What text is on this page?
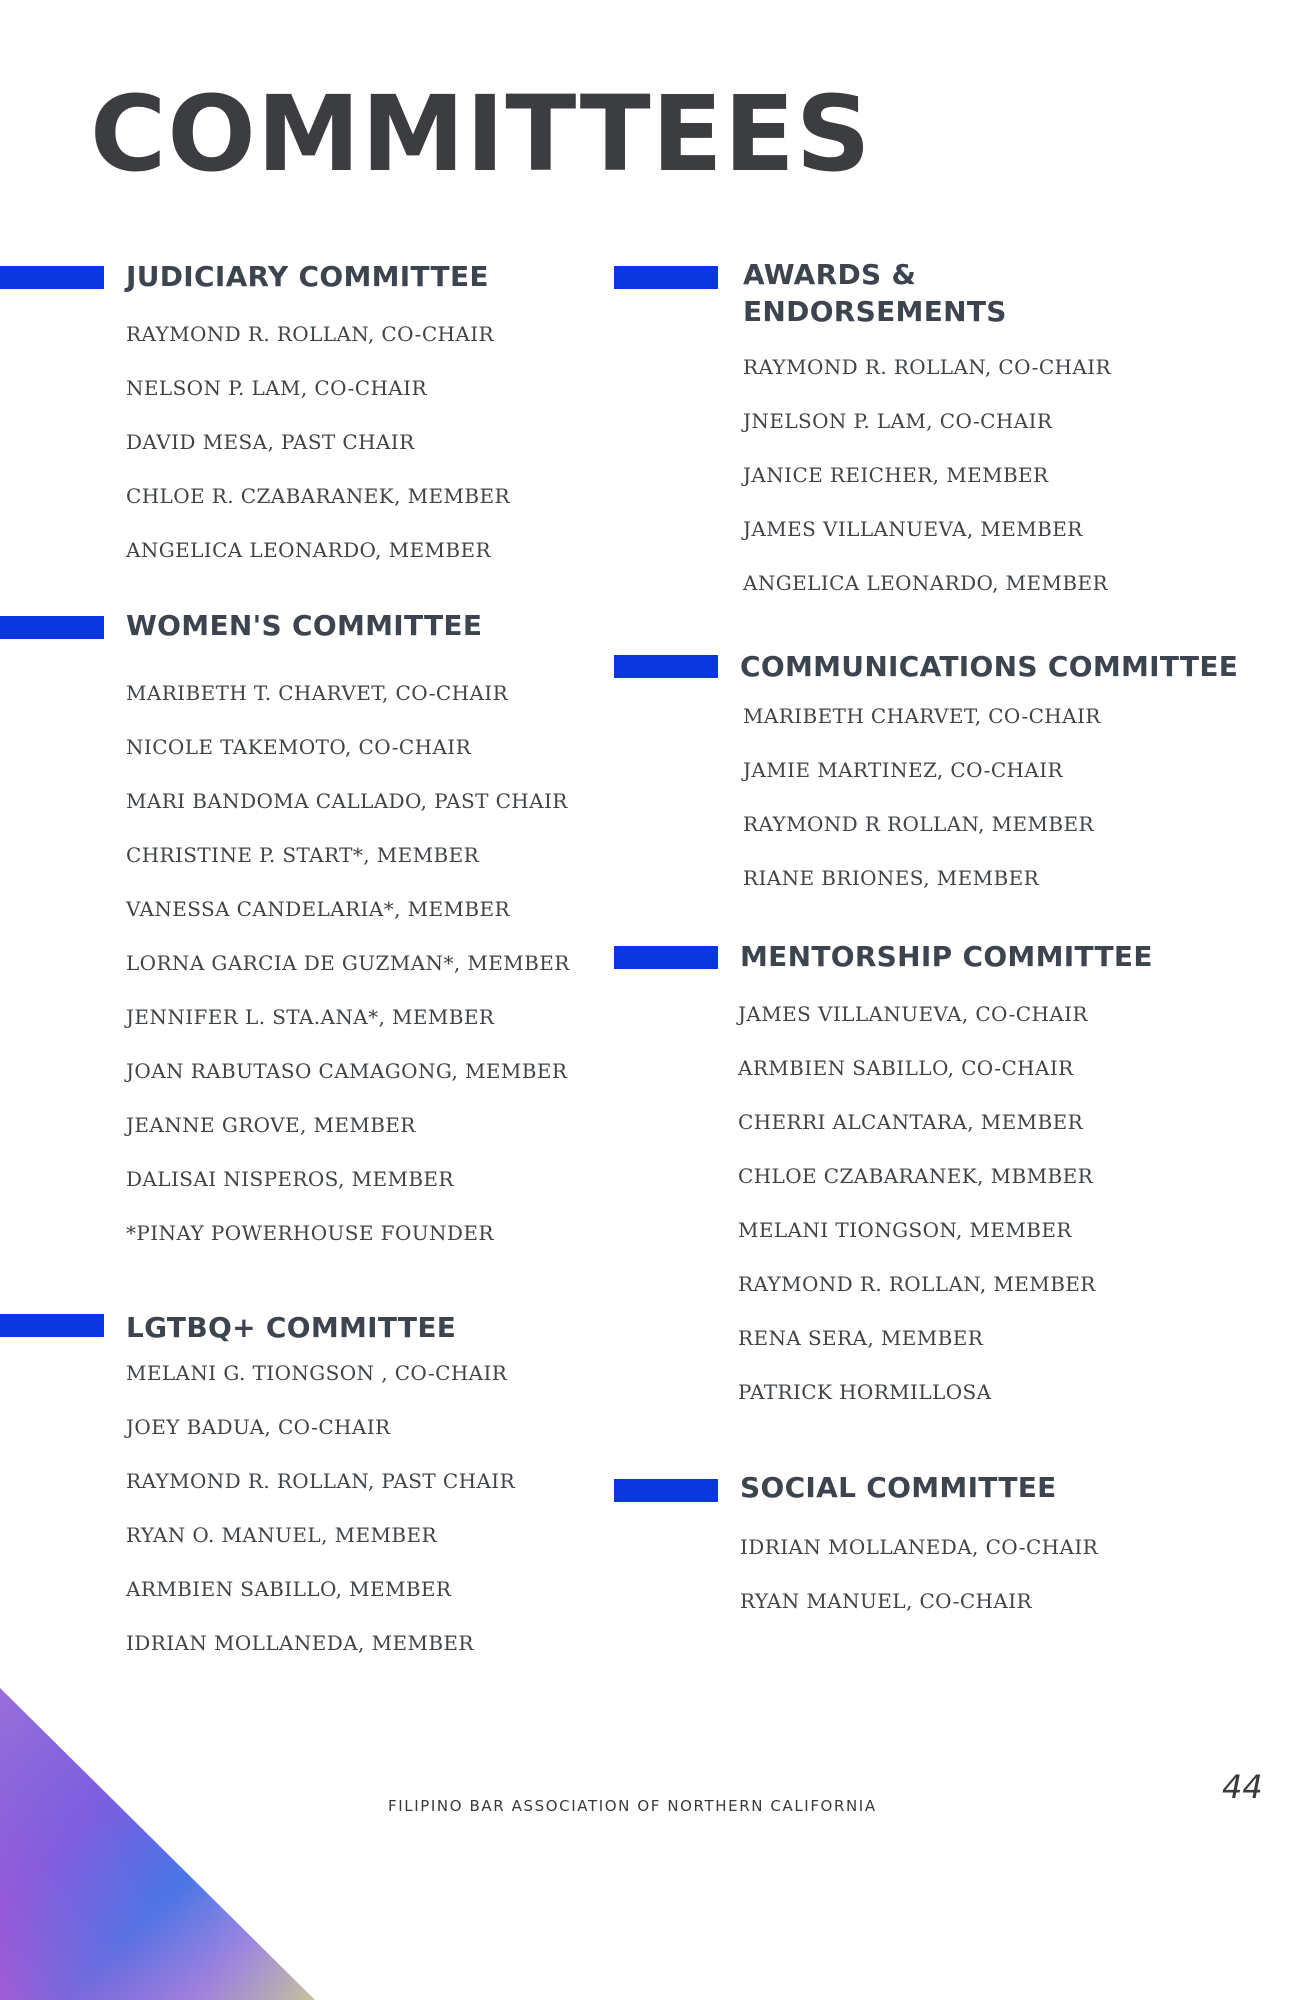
COMMITTEES
JUDICIARY COMMITTEE
RAYMOND R. ROLLAN, CO-CHAIR
NELSON P. LAM, CO-CHAIR
DAVID MESA, PAST CHAIR
CHLOE R. CZABARANEK, MEMBER
ANGELICA LEONARDO, MEMBER
WOMEN'S COMMITTEE
MARIBETH T. CHARVET, CO-CHAIR
NICOLE TAKEMOTO, CO-CHAIR
MARI BANDOMA CALLADO, PAST CHAIR
CHRISTINE P. START*, MEMBER
VANESSA CANDELARIA*, MEMBER
LORNA GARCIA DE GUZMAN*, MEMBER
JENNIFER L. STA.ANA*, MEMBER
JOAN RABUTASO CAMAGONG, MEMBER
JEANNE GROVE, MEMBER
DALISAI NISPEROS, MEMBER
*PINAY POWERHOUSE FOUNDER
LGTBQ+ COMMITTEE
MELANI G. TIONGSON , CO-CHAIR
JOEY BADUA, CO-CHAIR
RAYMOND R. ROLLAN, PAST CHAIR
RYAN O. MANUEL, MEMBER
ARMBIEN SABILLO, MEMBER
IDRIAN MOLLANEDA, MEMBER
AWARDS &
ENDORSEMENTS
RAYMOND R. ROLLAN, CO-CHAIR
JNELSON P. LAM, CO-CHAIR
JANICE REICHER, MEMBER
JAMES VILLANUEVA, MEMBER
ANGELICA LEONARDO, MEMBER
COMMUNICATIONS COMMITTEE
MARIBETH CHARVET, CO-CHAIR
JAMIE MARTINEZ, CO-CHAIR
RAYMOND R ROLLAN, MEMBER
RIANE BRIONES, MEMBER
MENTORSHIP COMMITTEE
JAMES VILLANUEVA, CO-CHAIR
ARMBIEN SABILLO, CO-CHAIR
CHERRI ALCANTARA, MEMBER
CHLOE CZABARANEK, MBMBER
MELANI TIONGSON, MEMBER
RAYMOND R. ROLLAN, MEMBER
RENA SERA, MEMBER
PATRICK HORMILLOSA
SOCIAL COMMITTEE
IDRIAN MOLLANEDA, CO-CHAIR
RYAN MANUEL, CO-CHAIR
FILIPINO BAR ASSOCIATION OF NORTHERN CALIFORNIA	44
